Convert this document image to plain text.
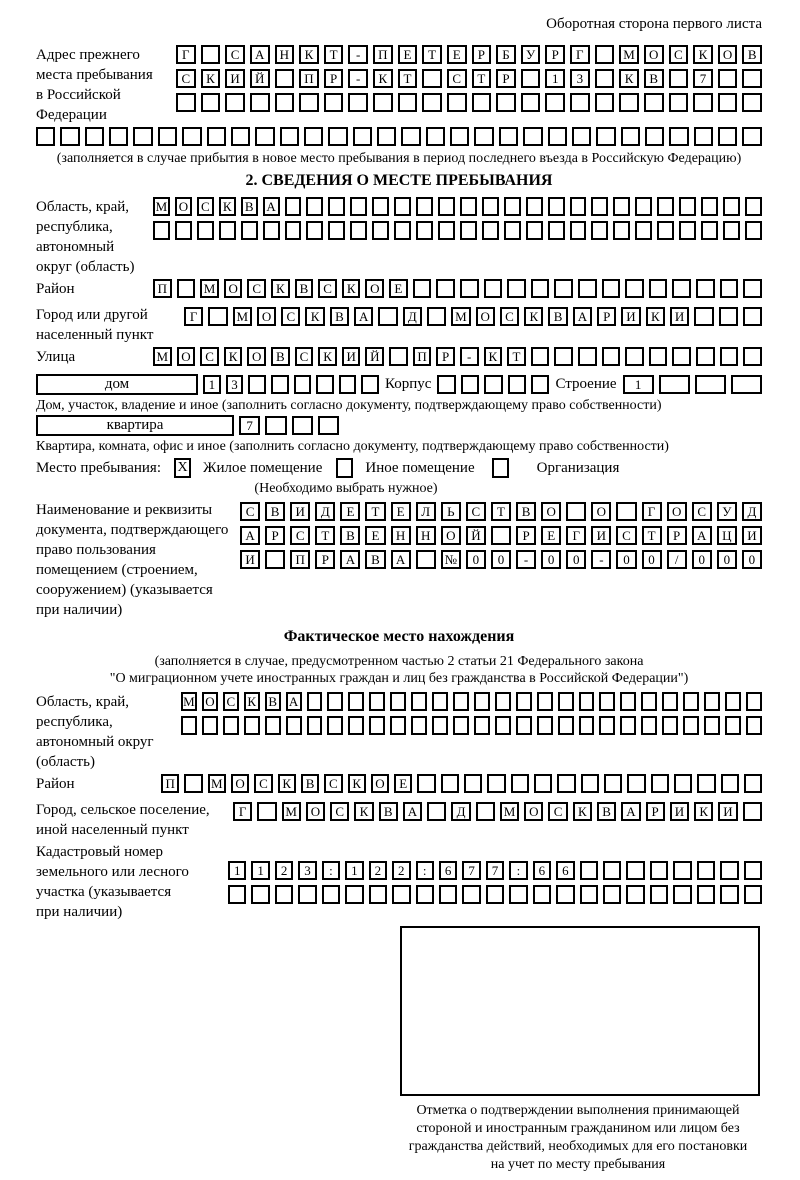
Оборотная сторона первого листа
Адрес прежнего
места пребывания
в Российской
Федерации
Г	С	А	Н	К	Т	-	П	Е	Т	Е	Р	Б	У	Р	Г	М	О	С	К	О	В
С	К	И	Й	П	Р	-	К	Т	С	Т	Р	1	3	К	В	7
(заполняется в случае прибытия в новое место пребывания в период последнего въезда в Российскую Федерацию)
2. СВЕДЕНИЯ О МЕСТЕ ПРЕБЫВАНИЯ
Область, край,
республика,
автономный
округ (область)
М О С	К	В А
Район	П	М	О	С	К	В	С	К	О	Е
Город или другой
населенный пункт
Г	М	О	С	К	В	А	Д	М	О	С	К	В	А	Р	И	К	И
Улица	М	О	С	К	О	В	С	К	И	Й	П	Р	-	К	Т
дом	1	3	Корпус	Строение	1
Дом, участок, владение и иное (заполнить согласно документу, подтверждающему право собственности)
квартира	7
Квартира, комната, офис и иное (заполнить согласно документу, подтверждающему право собственности)
Место пребывания: X Жилое помещение	Иное помещение	Организация
(Необходимо выбрать нужное)
Наименование и реквизиты
документа, подтверждающего
право пользования
помещением (строением,
сооружением) (указывается
при наличии)
С	В	И	Д	Е	Т	Е	Л	Ь	С	Т	В	О	О	Г	О	С	У	Д
А	Р	С	Т	В	Е	Н	Н	О	Й	Р	Е	Г	И	С	Т	Р	А	Ц	И
И	П	Р	А	В	А	№	0	0	-	0	0	-	0	0	/	0	0	0
Фактическое место нахождения
(заполняется в случае, предусмотренном частью 2 статьи 21 Федерального закона
"О миграционном учете иностранных граждан и лиц без гражданства в Российской Федерации")
Область, край,
республика,
автономный округ
(область)
М О С К В А
Район	П	М О	С	К	В	С	К	О	Е
Город, сельское поселение,
иной населенный пункт
Г	М	О	С	К	В	А	Д	М	О	С	К	В	А	Р	И	К	И
Кадастровый номер
земельного или лесного
участка (указывается
при наличии)
1	1	2	3	:	1	2	2	:	6	7	7	:	6	6
Отметка о подтверждении выполнения принимающей
стороной и иностранным гражданином или лицом без
гражданства действий, необходимых для его постановки
на учет по месту пребывания
